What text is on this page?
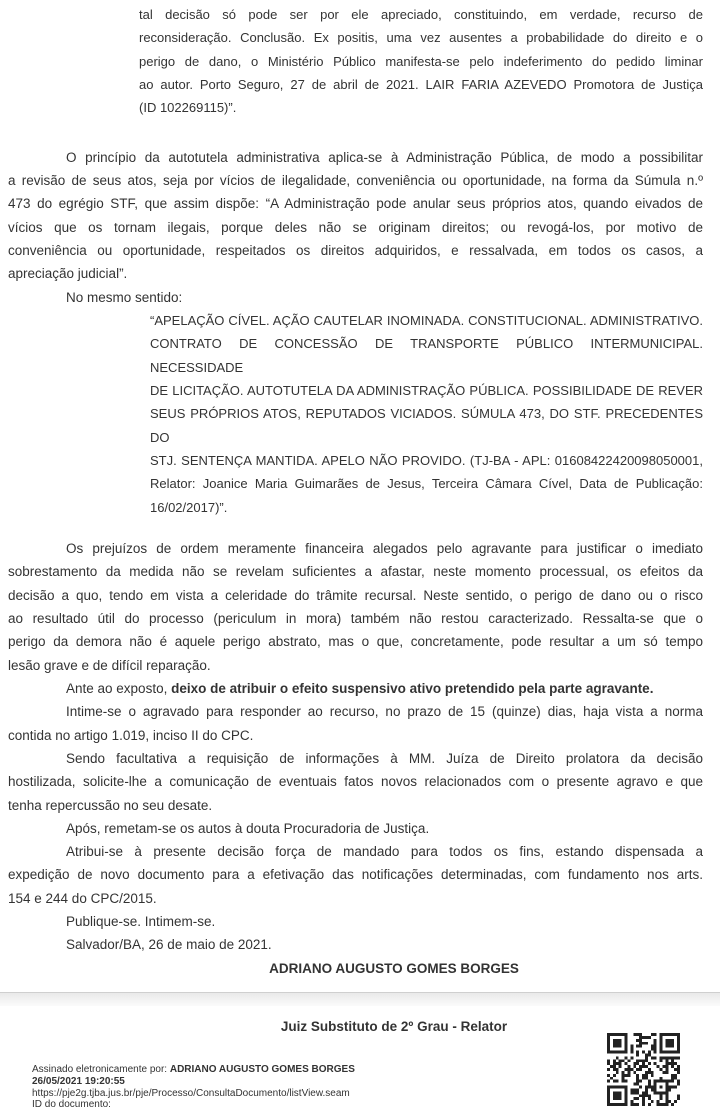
tal decisão só pode ser por ele apreciado, constituindo, em verdade, recurso de
reconsideração. Conclusão. Ex positis, uma vez ausentes a probabilidade do direito e o
perigo de dano, o Ministério Público manifesta-se pelo indeferimento do pedido liminar
ao autor. Porto Seguro, 27 de abril de 2021. LAIR FARIA AZEVEDO Promotora de Justiça
(ID 102269115)”.
O princípio da autotutela administrativa aplica-se à Administração Pública, de modo a possibilitar
a revisão de seus atos, seja por vícios de ilegalidade, conveniência ou oportunidade, na forma da Súmula n.º
473 do egrégio STF, que assim dispõe: “A Administração pode anular seus próprios atos, quando eivados de
vícios que os tornam ilegais, porque deles não se originam direitos; ou revogá-los, por motivo de
conveniência ou oportunidade, respeitados os direitos adquiridos, e ressalvada, em todos os casos, a
apreciação judicial”.
No mesmo sentido:
“APELAÇÃO CÍVEL. AÇÃO CAUTELAR INOMINADA. CONSTITUCIONAL. ADMINISTRATIVO.
CONTRATO DE CONCESSÃO DE TRANSPORTE PÚBLICO INTERMUNICIPAL. NECESSIDADE
DE LICITAÇÃO. AUTOTUTELA DA ADMINISTRAÇÃO PÚBLICA. POSSIBILIDADE DE REVER
SEUS PRÓPRIOS ATOS, REPUTADOS VICIADOS. SÚMULA 473, DO STF. PRECEDENTES DO
STJ. SENTENÇA MANTIDA. APELO NÃO PROVIDO. (TJ-BA - APL: 01608422420098050001,
Relator: Joanice Maria Guimarães de Jesus, Terceira Câmara Cível, Data de Publicação:
16/02/2017)”.
Os prejuízos de ordem meramente financeira alegados pelo agravante para justificar o imediato
sobrestamento da medida não se revelam suficientes a afastar, neste momento processual, os efeitos da
decisão a quo, tendo em vista a celeridade do trâmite recursal. Neste sentido, o perigo de dano ou o risco
ao resultado útil do processo (periculum in mora) também não restou caracterizado. Ressalta-se que o
perigo da demora não é aquele perigo abstrato, mas o que, concretamente, pode resultar a um só tempo
lesão grave e de difícil reparação.
Ante ao exposto, deixo de atribuir o efeito suspensivo ativo pretendido pela parte agravante.
Intime-se o agravado para responder ao recurso, no prazo de 15 (quinze) dias, haja vista a norma
contida no artigo 1.019, inciso II do CPC.
Sendo facultativa a requisição de informações à MM. Juíza de Direito prolatora da decisão
hostilizada, solicite-lhe a comunicação de eventuais fatos novos relacionados com o presente agravo e que
tenha repercussão no seu desate.
Após, remetam-se os autos à douta Procuradoria de Justiça.
Atribui-se à presente decisão força de mandado para todos os fins, estando dispensada a
expedição de novo documento para a efetivação das notificações determinadas, com fundamento nos arts.
154 e 244 do CPC/2015.
Publique-se. Intimem-se.
Salvador/BA, 26 de maio de 2021.
ADRIANO AUGUSTO GOMES BORGES
Juiz Substituto de 2º Grau - Relator
Assinado eletronicamente por: ADRIANO AUGUSTO GOMES BORGES
26/05/2021 19:20:55
https://pje2g.tjba.jus.br/pje/Processo/ConsultaDocumento/listView.seam
ID do documento:
